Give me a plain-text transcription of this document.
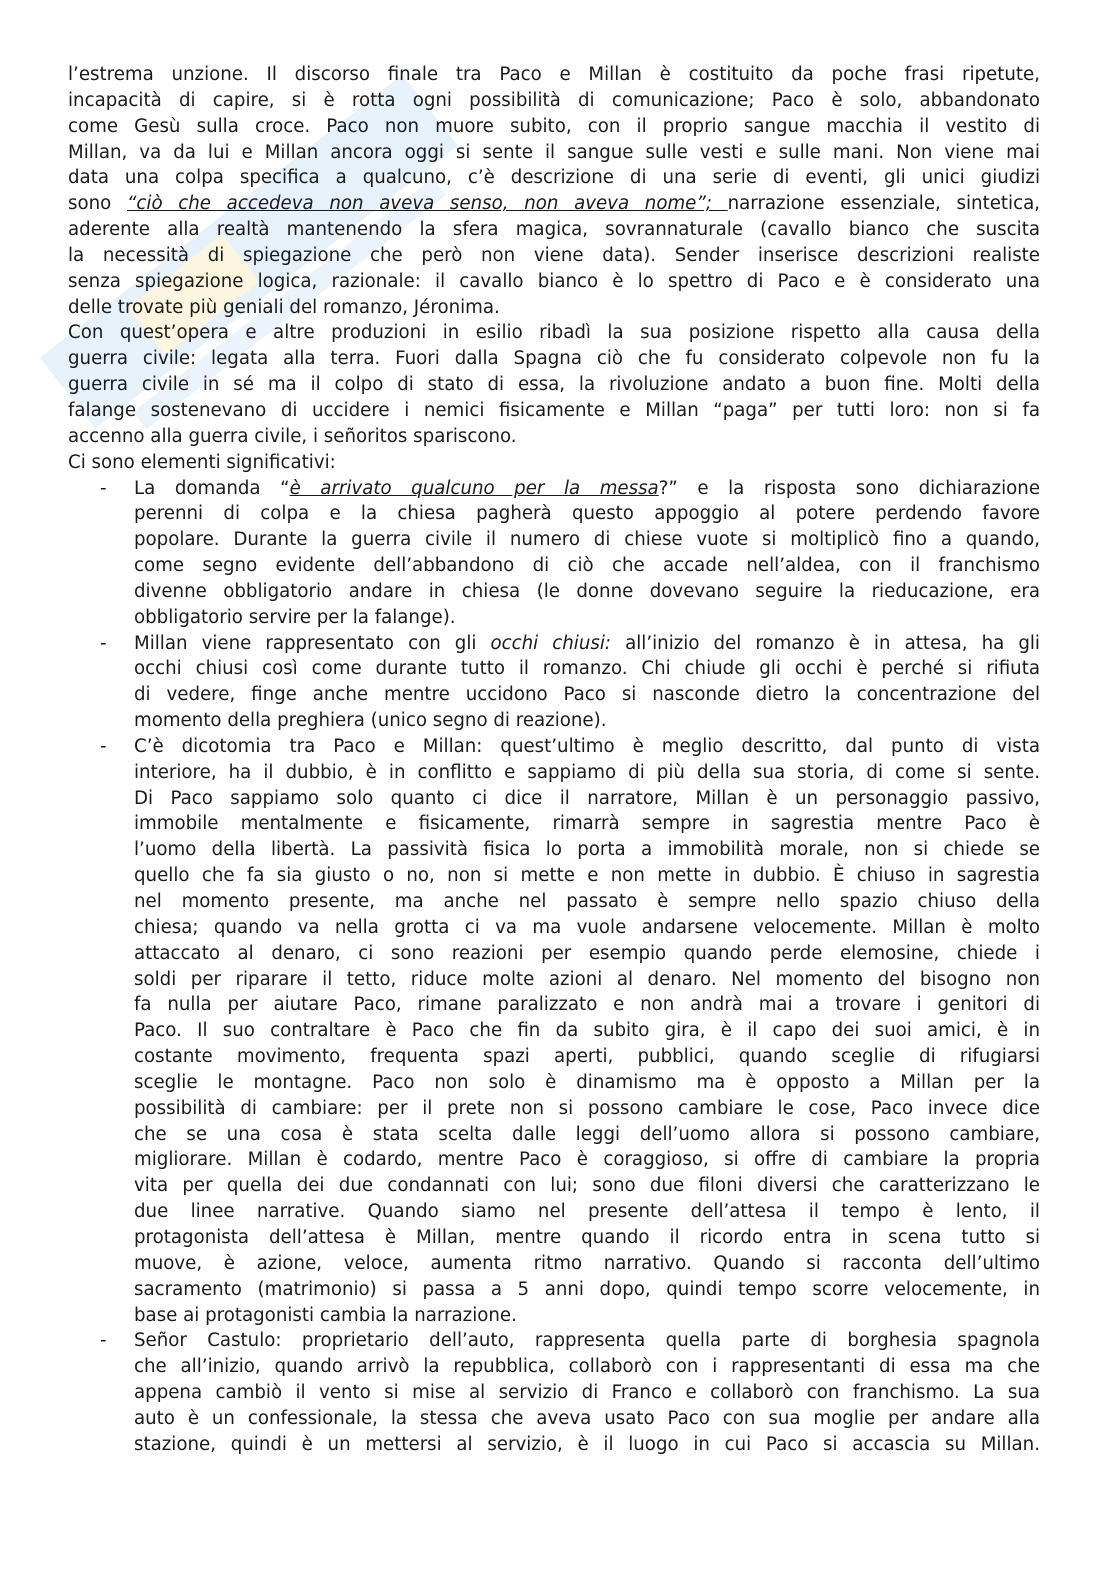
l’estrema unzione. Il discorso finale tra Paco e Millan è costituito da poche frasi ripetute,
incapacità di capire, si è rotta ogni possibilità di comunicazione; Paco è solo, abbandonato
come Gesù sulla croce. Paco non muore subito, con il proprio sangue macchia il vestito di
Millan, va da lui e Millan ancora oggi si sente il sangue sulle vesti e sulle mani. Non viene mai
data una colpa specifica a qualcuno, c’è descrizione di una serie di eventi, gli unici giudizi
sono “ciò che accedeva non aveva senso, non aveva nome”; narrazione essenziale, sintetica,
aderente alla realtà mantenendo la sfera magica, sovrannaturale (cavallo bianco che suscita
la necessità di spiegazione che però non viene data). Sender inserisce descrizioni realiste
senza spiegazione logica, razionale: il cavallo bianco è lo spettro di Paco e è considerato una
delle trovate più geniali del romanzo, Jéronima.
Con quest’opera e altre produzioni in esilio ribadì la sua posizione rispetto alla causa della
guerra civile: legata alla terra. Fuori dalla Spagna ciò che fu considerato colpevole non fu la
guerra civile in sé ma il colpo di stato di essa, la rivoluzione andato a buon fine. Molti della
falange sostenevano di uccidere i nemici fisicamente e Millan “paga” per tutti loro: non si fa
accenno alla guerra civile, i señoritos spariscono.
Ci sono elementi significativi:
- La domanda “è arrivato qualcuno per la messa?” e la risposta sono dichiarazione
perenni di colpa e la chiesa pagherà questo appoggio al potere perdendo favore
popolare. Durante la guerra civile il numero di chiese vuote si moltiplicò fino a quando,
come segno evidente dell’abbandono di ciò che accade nell’aldea, con il franchismo
divenne obbligatorio andare in chiesa (le donne dovevano seguire la rieducazione, era
obbligatorio servire per la falange).
- Millan viene rappresentato con gli occhi chiusi: all’inizio del romanzo è in attesa, ha gli
occhi chiusi così come durante tutto il romanzo. Chi chiude gli occhi è perché si rifiuta
di vedere, finge anche mentre uccidono Paco si nasconde dietro la concentrazione del
momento della preghiera (unico segno di reazione).
- C’è dicotomia tra Paco e Millan: quest’ultimo è meglio descritto, dal punto di vista
interiore, ha il dubbio, è in conflitto e sappiamo di più della sua storia, di come si sente.
Di Paco sappiamo solo quanto ci dice il narratore, Millan è un personaggio passivo,
immobile mentalmente e fisicamente, rimarrà sempre in sagrestia mentre Paco è
l’uomo della libertà. La passività fisica lo porta a immobilità morale, non si chiede se
quello che fa sia giusto o no, non si mette e non mette in dubbio. È chiuso in sagrestia
nel momento presente, ma anche nel passato è sempre nello spazio chiuso della
chiesa; quando va nella grotta ci va ma vuole andarsene velocemente. Millan è molto
attaccato al denaro, ci sono reazioni per esempio quando perde elemosine, chiede i
soldi per riparare il tetto, riduce molte azioni al denaro. Nel momento del bisogno non
fa nulla per aiutare Paco, rimane paralizzato e non andrà mai a trovare i genitori di
Paco. Il suo contraltare è Paco che fin da subito gira, è il capo dei suoi amici, è in
costante movimento, frequenta spazi aperti, pubblici, quando sceglie di rifugiarsi
sceglie le montagne. Paco non solo è dinamismo ma è opposto a Millan per la
possibilità di cambiare: per il prete non si possono cambiare le cose, Paco invece dice
che se una cosa è stata scelta dalle leggi dell’uomo allora si possono cambiare,
migliorare. Millan è codardo, mentre Paco è coraggioso, si offre di cambiare la propria
vita per quella dei due condannati con lui; sono due filoni diversi che caratterizzano le
due linee narrative. Quando siamo nel presente dell’attesa il tempo è lento, il
protagonista dell’attesa è Millan, mentre quando il ricordo entra in scena tutto si
muove, è azione, veloce, aumenta ritmo narrativo. Quando si racconta dell’ultimo
sacramento (matrimonio) si passa a 5 anni dopo, quindi tempo scorre velocemente, in
base ai protagonisti cambia la narrazione.
- Señor Castulo: proprietario dell’auto, rappresenta quella parte di borghesia spagnola
che all’inizio, quando arrivò la repubblica, collaborò con i rappresentanti di essa ma che
appena cambiò il vento si mise al servizio di Franco e collaborò con franchismo. La sua
auto è un confessionale, la stessa che aveva usato Paco con sua moglie per andare alla
stazione, quindi è un mettersi al servizio, è il luogo in cui Paco si accascia su Millan.
